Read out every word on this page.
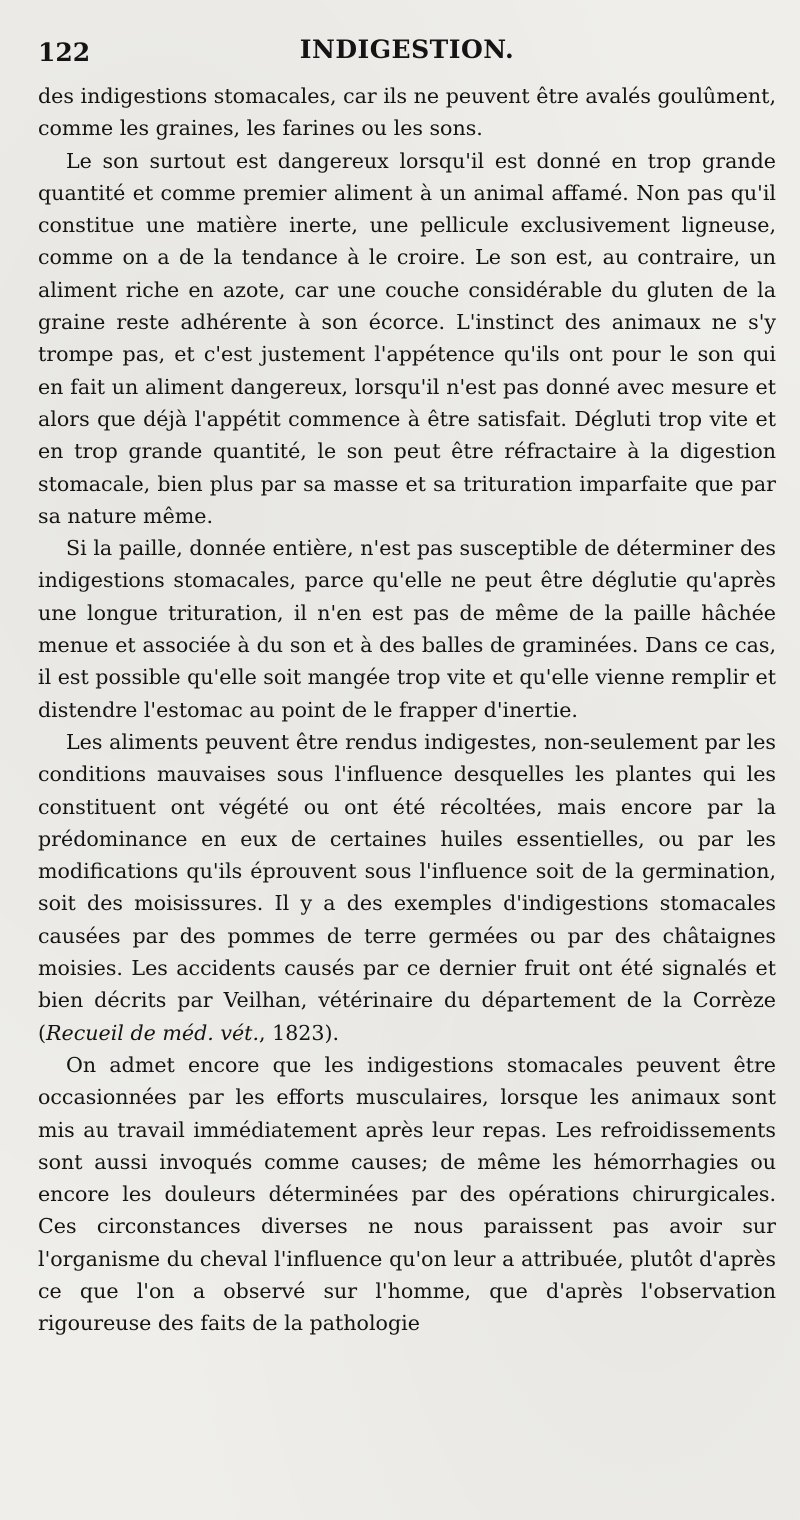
122	INDIGESTION.

des indigestions stomacales, car ils ne peuvent être avalés goulûment, comme les graines, les farines ou les sons.

Le son surtout est dangereux lorsqu'il est donné en trop grande quantité et comme premier aliment à un animal affamé. Non pas qu'il constitue une matière inerte, une pellicule exclusivement ligneuse, comme on a de la tendance à le croire. Le son est, au contraire, un aliment riche en azote, car une couche considérable du gluten de la graine reste adhérente à son écorce. L'instinct des animaux ne s'y trompe pas, et c'est justement l'appétence qu'ils ont pour le son qui en fait un aliment dangereux, lorsqu'il n'est pas donné avec mesure et alors que déjà l'appétit commence à être satisfait. Dégluti trop vite et en trop grande quantité, le son peut être réfractaire à la digestion stomacale, bien plus par sa masse et sa trituration imparfaite que par sa nature même.

Si la paille, donnée entière, n'est pas susceptible de déterminer des indigestions stomacales, parce qu'elle ne peut être déglutie qu'après une longue trituration, il n'en est pas de même de la paille hâchée menue et associée à du son et à des balles de graminées. Dans ce cas, il est possible qu'elle soit mangée trop vite et qu'elle vienne remplir et distendre l'estomac au point de le frapper d'inertie.

Les aliments peuvent être rendus indigestes, non-seulement par les conditions mauvaises sous l'influence desquelles les plantes qui les constituent ont végété ou ont été récoltées, mais encore par la prédominance en eux de certaines huiles essentielles, ou par les modifications qu'ils éprouvent sous l'influence soit de la germination, soit des moisissures. Il y a des exemples d'indigestions stomacales causées par des pommes de terre germées ou par des châtaignes moisies. Les accidents causés par ce dernier fruit ont été signalés et bien décrits par Veilhan, vétérinaire du département de la Corrèze (Recueil de méd. vét., 1823).

On admet encore que les indigestions stomacales peuvent être occasionnées par les efforts musculaires, lorsque les animaux sont mis au travail immédiatement après leur repas. Les refroidissements sont aussi invoqués comme causes; de même les hémorrhagies ou encore les douleurs déterminées par des opérations chirurgicales. Ces circonstances diverses ne nous paraissent pas avoir sur l'organisme du cheval l'influence qu'on leur a attribuée, plutôt d'après ce que l'on a observé sur l'homme, que d'après l'observation rigoureuse des faits de la pathologie
